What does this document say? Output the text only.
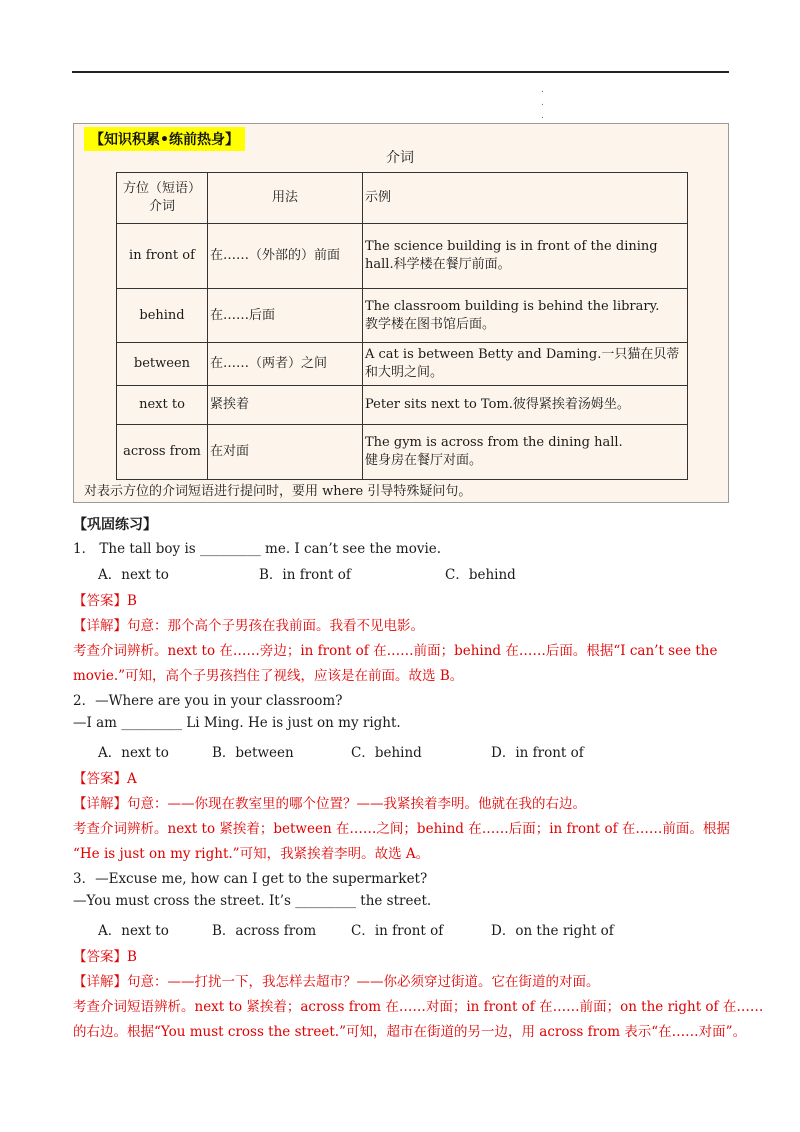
.
.
.
【知识积累•练前热身】
介词
方位（短语）介词	用法	示例
in front of	在……（外部的）前面	The science building is in front of the dining hall.科学楼在餐厅前面。
behind	在……后面	The classroom building is behind the library.
教学楼在图书馆后面。

between	在……（两者）之间	A cat is between Betty and Daming.一只猫在贝蒂和大明之间。
next to	紧挨着	Peter sits next to Tom.彼得紧挨着汤姆坐。
across from	在对面	The gym is across from the dining hall.
健身房在餐厅对面。
对表示方位的介词短语进行提问时，要用 where 引导特殊疑问句。
【巩固练习】
1． The tall boy is _________ me. I can’t see the movie.
A．next to	B．in front of	C．behind
【答案】B
【详解】句意：那个高个子男孩在我前面。我看不见电影。
考查介词辨析。next to 在……旁边；in front of 在……前面；behind 在……后面。根据“I can’t see the
movie.”可知，高个子男孩挡住了视线，应该是在前面。故选 B。
2．—Where are you in your classroom?
—I am _________ Li Ming. He is just on my right.
A．next to	B．between	C．behind	D．in front of
【答案】A
【详解】句意：——你现在教室里的哪个位置？——我紧挨着李明。他就在我的右边。
考查介词辨析。next to 紧挨着；between 在……之间；behind 在……后面；in front of 在……前面。根据
“He is just on my right.”可知，我紧挨着李明。故选 A。
3．—Excuse me, how can I get to the supermarket?
—You must cross the street. It’s _________ the street.
A．next to	B．across from	C．in front of	D．on the right of
【答案】B
【详解】句意：——打扰一下，我怎样去超市？——你必须穿过街道。它在街道的对面。
考查介词短语辨析。next to 紧挨着；across from 在……对面；in front of 在……前面；on the right of 在……
的右边。根据“You must cross the street.”可知，超市在街道的另一边，用 across from 表示“在……对面”。
